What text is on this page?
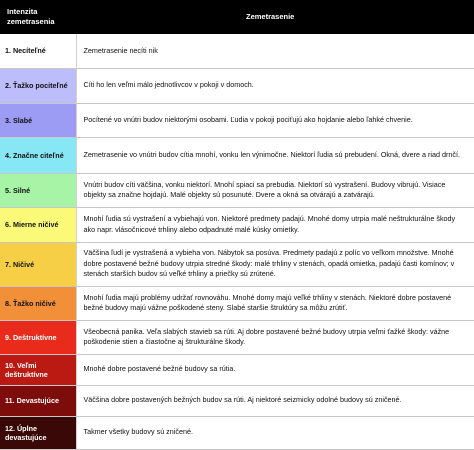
Intenzita zemetrasenia	Zemetrasenie
1. Necíteľné	Zemetrasenie necíti nik
2. Ťažko pociteľné	Cíti ho len veľmi málo jednotlivcov v pokoji v domoch.
3. Slabé	Pocítené vo vnútri budov niektorými osobami. Ľudia v pokoji pociťujú ako hojdanie alebo ľahké chvenie.
4. Značne citeľné	Zemetrasenie vo vnútri budov cítia mnohí, vonku len výnimočne. Niektorí ľudia sú prebudení. Okná, dvere a riad drnčí.
5. Silné	Vnútri budov cíti väčšina, vonku niektorí. Mnohí spiaci sa prebudia. Niektorí sú vystrašení. Budovy vibrujú. Visiace objekty sa značne hojdajú. Malé objekty sú posunuté. Dvere a okná sa otvárajú a zatvárajú.
6. Mierne ničivé	Mnohí ľudia sú vystrašení a vybiehajú von. Niektoré predmety padajú. Mnohé domy utrpia malé neštrukturálne škody ako napr. vlásočnicové trhliny alebo odpadnuté malé kúsky omietky.
7. Ničivé	Väčšina ľudí je vystrašená a vybieha von. Nábytok sa posúva. Predmety padajú z políc vo veľkom množstve. Mnohé dobre postavené bežné budovy utrpia stredné škody: malé trhliny v stenách, opadá omietka, padajú časti komínov; v stenách starších budov sú veľké trhliny a priečky sú zrútené.
8. Ťažko ničivé	Mnohí ľudia majú problémy udržať rovnováhu. Mnohé domy majú veľké trhliny v stenách. Niektoré dobre postavené bežné budovy majú vážne poškodené steny. Slabé staršie štruktúry sa môžu zrútiť.
9. Deštruktívne	Všeobecná panika. Veľa slabých stavieb sa rúti. Aj dobre postavené bežné budovy utrpia veľmi ťažké škody: vážne poškodenie stien a čiastočne aj štrukturálne škody.
10. Veľmi deštruktívne	Mnohé dobre postavené bežné budovy sa rútia.
11. Devastujúce	Väčšina dobre postavených bežných budov sa rúti. Aj niektoré seizmicky odolné budovy sú zničené.
12. Úplne devastujúce	Takmer všetky budovy sú zničené.
